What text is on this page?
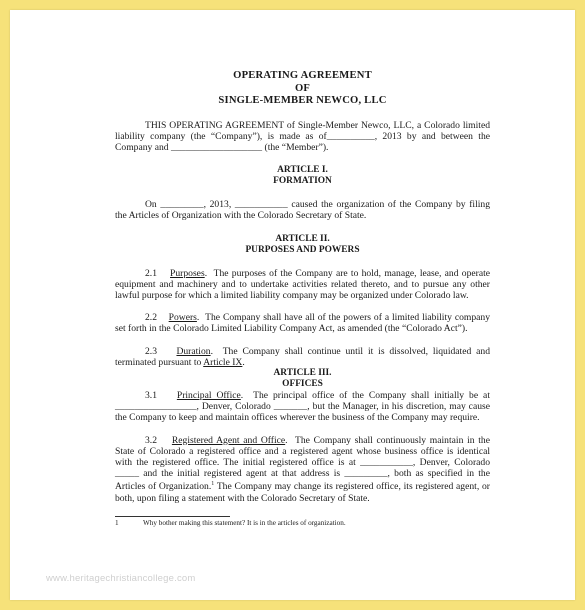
OPERATING AGREEMENT
OF
SINGLE-MEMBER NEWCO, LLC

THIS OPERATING AGREEMENT of Single-Member Newco, LLC, a Colorado limited liability company (the “Company”), is made as of__________, 2013 by and between the Company and ___________________ (the “Member”).

ARTICLE I.
FORMATION

On _________, 2013, ___________ caused the organization of the Company by filing the Articles of Organization with the Colorado Secretary of State.

ARTICLE II.
PURPOSES AND POWERS

2.1 Purposes.  The purposes of the Company are to hold, manage, lease, and operate equipment and machinery and to undertake activities related thereto, and to pursue any other lawful purpose for which a limited liability company may be organized under Colorado law.

2.2 Powers.  The Company shall have all of the powers of a limited liability company set forth in the Colorado Limited Liability Company Act, as amended (the “Colorado Act”).

2.3 Duration.  The Company shall continue until it is dissolved, liquidated and terminated pursuant to Article IX.

ARTICLE III.
OFFICES

3.1 Principal Office.  The principal office of the Company shall initially be at _________________, Denver, Colorado _______, but the Manager, in his discretion, may cause the Company to keep and maintain offices wherever the business of the Company may require.

3.2 Registered Agent and Office.  The Company shall continuously maintain in the State of Colorado a registered office and a registered agent whose business office is identical with the registered office. The initial registered office is at ___________, Denver, Colorado _____ and the initial registered agent at that address is _________, both as specified in the Articles of Organization.$^1$ The Company may change its registered office, its registered agent, or both, upon filing a statement with the Colorado Secretary of State.

1	Why bother making this statement? It is in the articles of organization.
www.heritagechristiancollege.com
